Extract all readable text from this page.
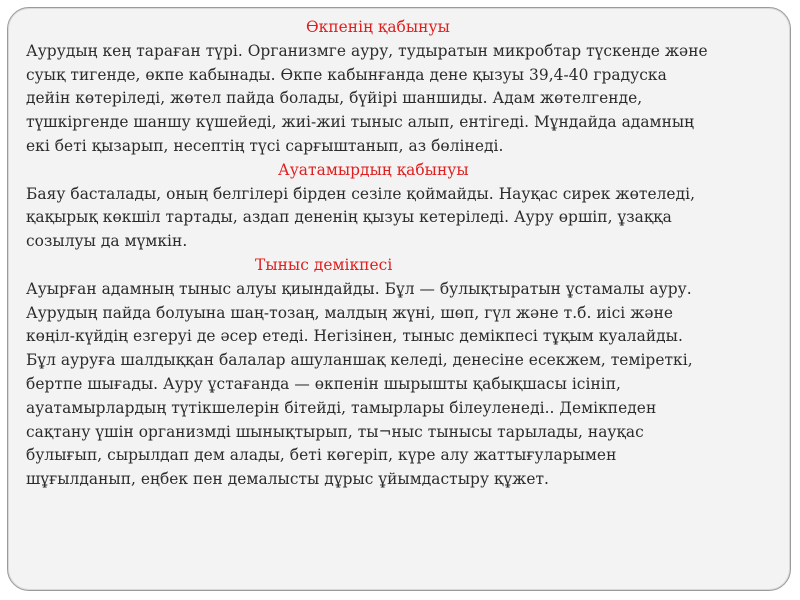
Өкпенің қабынуы
Аурудың кең тараған түрі. Организмге ауру, тудыратын микробтар түскенде және
суық тигенде, өкпе кабынады. Өкпе кабынғанда дене қызуы 39,4-40 градуска
дейін көтеріледі, жөтел пайда болады, бүйірі шаншиды. Адам жөтелгенде,
түшкіргенде шаншу күшейеді, жиі-жиі тыныс алып, ентігеді. Мұндайда адамның
екі беті қызарып, несептің түсі сарғыштанып, аз бөлінеді.
Ауатамырдың қабынуы
Баяу басталады, оның белгілері бірден сезіле қоймайды. Науқас сирек жөтеледі,
қақырық көкшіл тартады, аздап дененің қызуы кетеріледі. Ауру өршіп, ұзаққа
созылуы да мүмкін.
Тыныс демікпесі
Ауырған адамның тыныс алуы қиындайды. Бұл — булықтыратын ұстамалы ауру.
Аурудың пайда болуына шаң-тозаң, малдың жүні, шөп, гүл және т.б. иісі және
көңіл-күйдің езгеруі де әсер етеді. Негізінен, тыныс демікпесі тұқым куалайды.
Бұл ауруға шалдыққан балалар ашуланшақ келеді, денесіне есекжем, теміреткі,
бертпе шығады. Ауру ұстағанда — өкпенін шырышты қабықшасы ісініп,
ауатамырлардың түтікшелерін бітейді, тамырлары білеуленеді.. Демікпеден
сақтану үшін организмді шынықтырып, ты¬ныс тынысы тарылады, науқас
булығып, сырылдап дем алады, беті көгеріп, күре алу жаттығуларымен
шұғылданып, еңбек пен демалысты дұрыс ұйымдастыру құжет.
